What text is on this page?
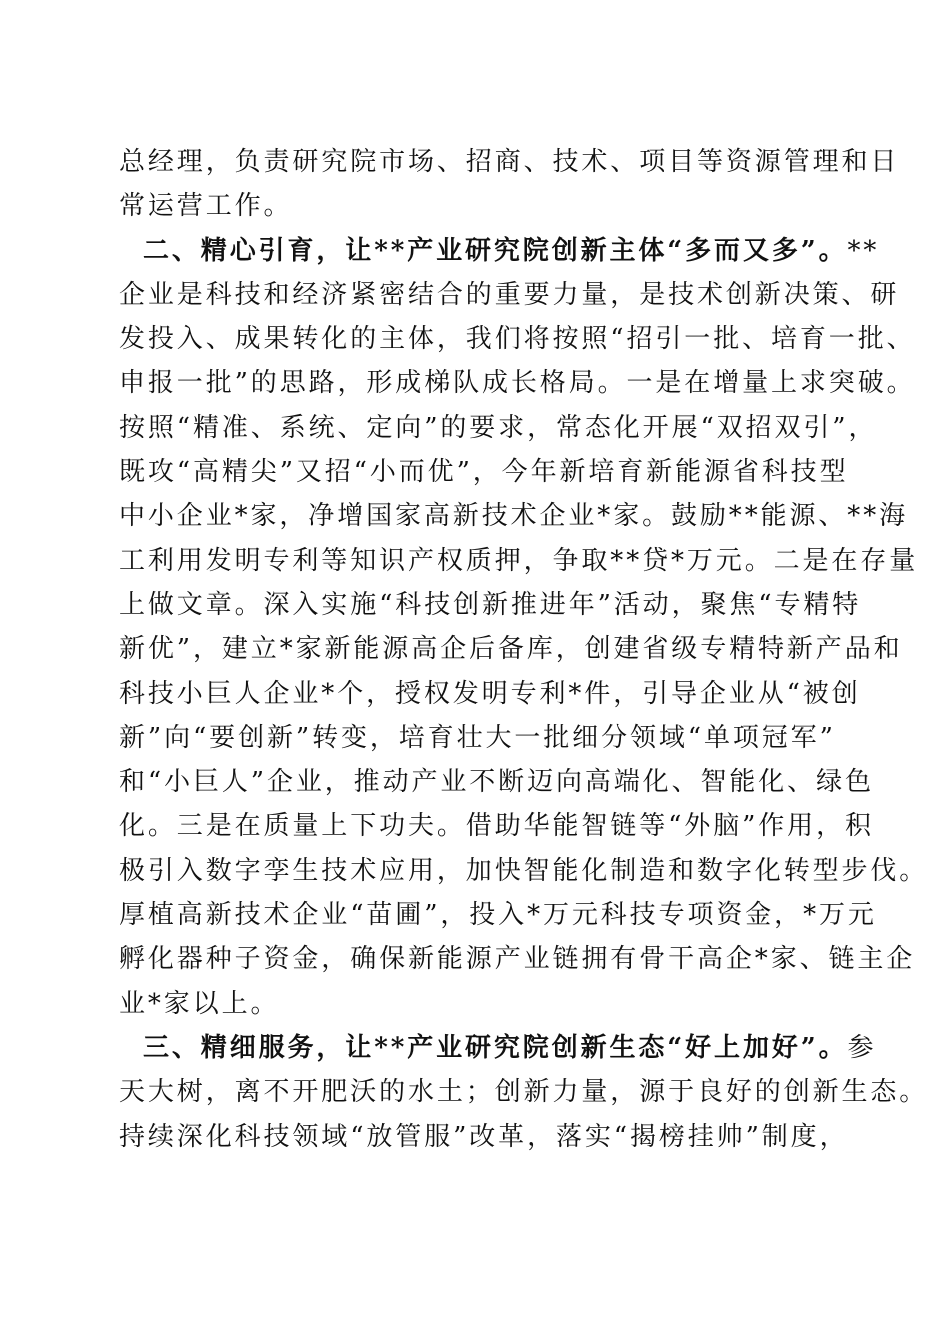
总经理，负责研究院市场、招商、技术、项目等资源管理和日
常运营工作。
二、精心引育，让**产业研究院创新主体“多而又多”。**
企业是科技和经济紧密结合的重要力量，是技术创新决策、研
发投入、成果转化的主体，我们将按照“招引一批、培育一批、
申报一批”的思路，形成梯队成长格局。一是在增量上求突破。
按照“精准、系统、定向”的要求，常态化开展“双招双引”，
既攻“高精尖”又招“小而优”，今年新培育新能源省科技型
中小企业*家，净增国家高新技术企业*家。鼓励**能源、**海
工利用发明专利等知识产权质押，争取**贷*万元。二是在存量
上做文章。深入实施“科技创新推进年”活动，聚焦“专精特
新优”，建立*家新能源高企后备库，创建省级专精特新产品和
科技小巨人企业*个，授权发明专利*件，引导企业从“被创
新”向“要创新”转变，培育壮大一批细分领域“单项冠军”
和“小巨人”企业，推动产业不断迈向高端化、智能化、绿色
化。三是在质量上下功夫。借助华能智链等“外脑”作用，积
极引入数字孪生技术应用，加快智能化制造和数字化转型步伐。
厚植高新技术企业“苗圃”，投入*万元科技专项资金，*万元
孵化器种子资金，确保新能源产业链拥有骨干高企*家、链主企
业*家以上。
三、精细服务，让**产业研究院创新生态“好上加好”。参
天大树，离不开肥沃的水土；创新力量，源于良好的创新生态。
持续深化科技领域“放管服”改革，落实“揭榜挂帅”制度，
